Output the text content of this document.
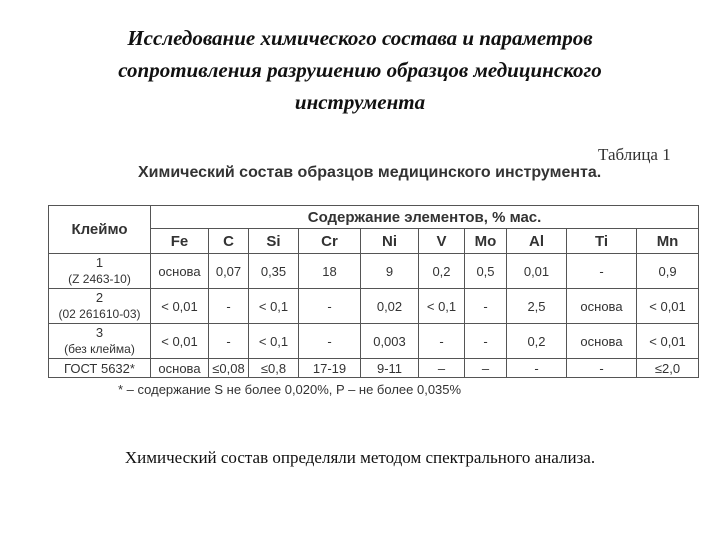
Исследование химического состава и параметров
сопротивления разрушению образцов медицинского
инструмента
Таблица 1
Химический состав образцов медицинского инструмента.
Клеймо	Содержание элементов, % мас.									
	Fe	C	Si	Cr	Ni	V	Mo	Al	Ti	Mn

1
(Z 2463-10)	основа	0,07	0,35	18	9	0,2	0,5	0,01	-	0,9

2
(02 261610-03)	< 0,01	-	< 0,1	-	0,02	< 0,1	-	2,5	основа	< 0,01

3
(без клейма)	< 0,01	-	< 0,1	-	0,003	-	-	0,2	основа	< 0,01
ГОСТ 5632*	основа	≤0,08	≤0,8	17-19	9-11	–	–	-	-	≤2,0
* – содержание S не более 0,020%, P – не более 0,035%
Химический состав определяли методом спектрального анализа.
